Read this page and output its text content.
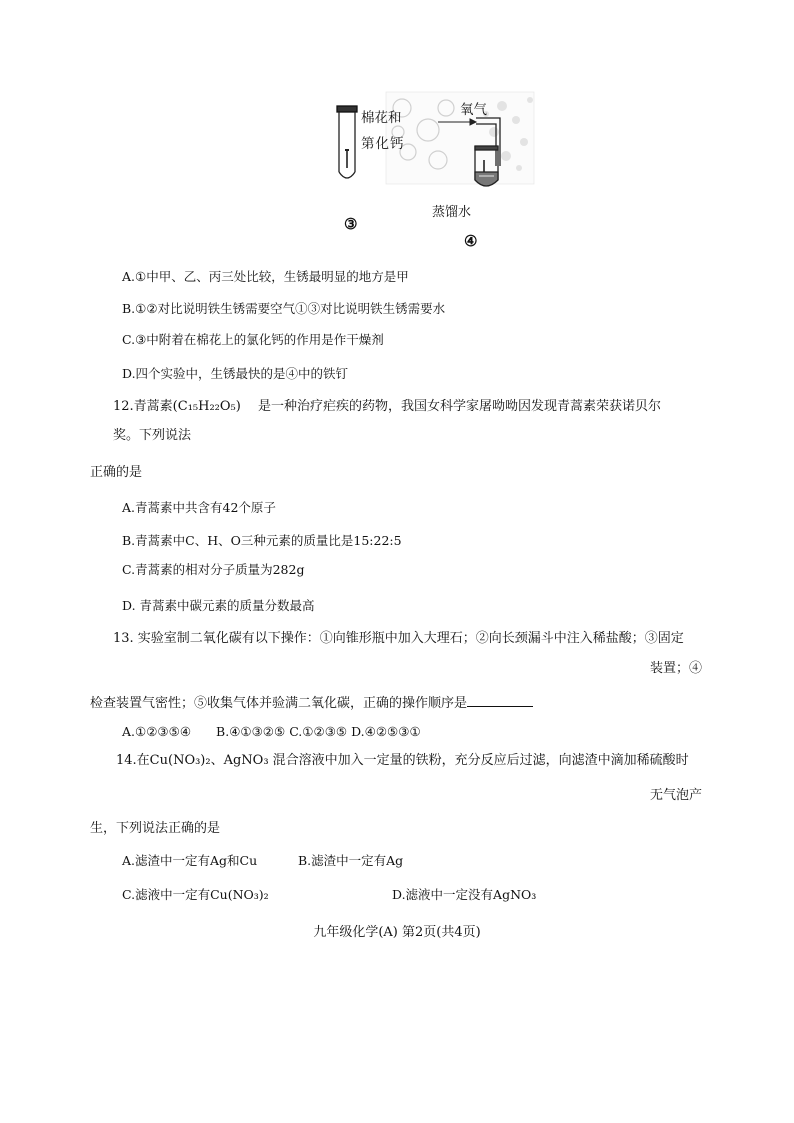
棉花和
第化钙
氧气
蒸馏水
③
④
A.①中甲、乙、丙三处比较，生锈最明显的地方是甲
B.①②对比说明铁生锈需要空气①③对比说明铁生锈需要水
C.③中附着在棉花上的氯化钙的作用是作干燥剂
D.四个实验中，生锈最快的是④中的铁钉
12.青蒿素(C₁₅H₂₂O₅)　 是一种治疗疟疾的药物，我国女科学家屠呦呦因发现青蒿素荣获诺贝尔
奖。下列说法
正确的是
A.青蒿素中共含有42个原子
B.青蒿素中C、H、O三种元素的质量比是15:22:5
C.青蒿素的相对分子质量为282g
D. 青蒿素中碳元素的质量分数最高
13. 实验室制二氧化碳有以下操作：①向锥形瓶中加入大理石；②向长颈漏斗中注入稀盐酸；③固定
装置；④
检查装置气密性；⑤收集气体并验满二氧化碳，正确的操作顺序是
A.①②③⑤④　　B.④①③②⑤ C.①②③⑤ D.④②⑤③①
14.在Cu(NO₃)₂、AgNO₃ 混合溶液中加入一定量的铁粉，充分反应后过滤，向滤渣中滴加稀硫酸时
无气泡产
生，下列说法正确的是
A.滤渣中一定有Ag和Cu	B.滤渣中一定有Ag
C.滤液中一定有Cu(NO₃)₂	D.滤液中一定没有AgNO₃
九年级化学(A) 第2页(共4页)
